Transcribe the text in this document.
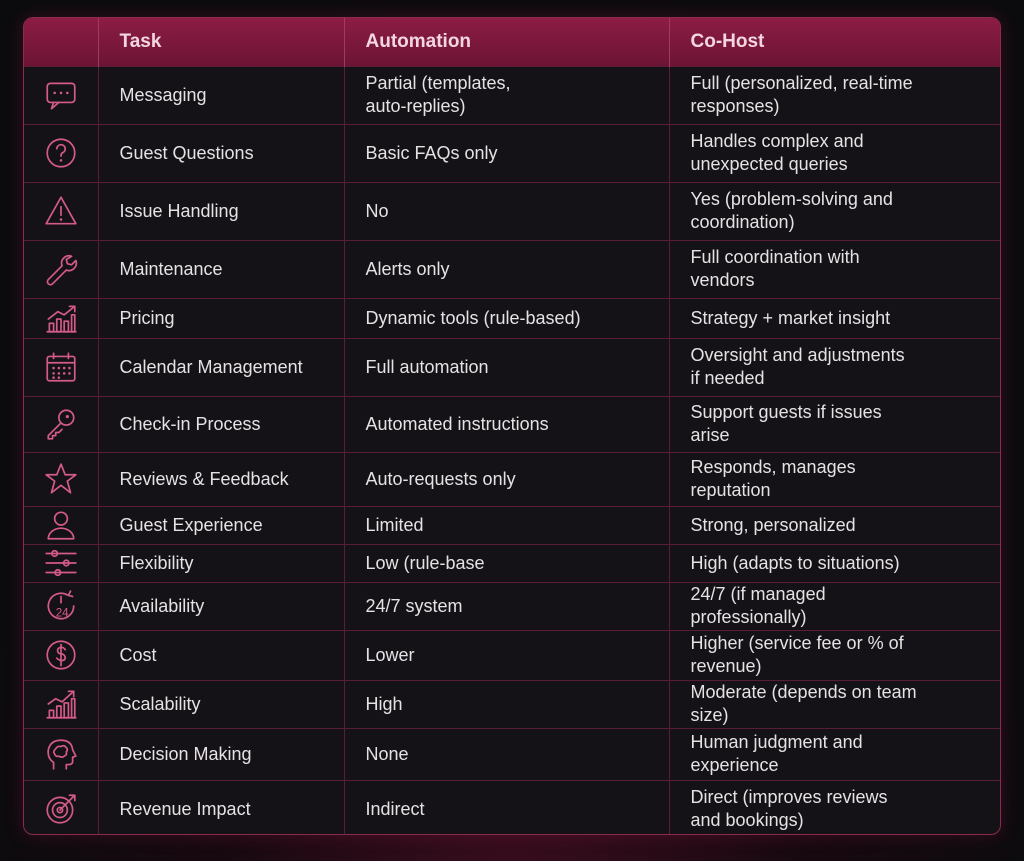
	Task	Automation	Co-Host

	Messaging	Partial (templates,
auto-replies)	Full (personalized, real-time
responses)

	Guest Questions	Basic FAQs only	Handles complex and
unexpected queries

	Issue Handling	No	Yes (problem-solving and
coordination)

	Maintenance	Alerts only	Full coordination with
vendors

	Pricing	Dynamic tools (rule-based)	Strategy + market insight

	Calendar Management	Full automation	Oversight and adjustments
if needed

	Check-in Process	Automated instructions	Support guests if issues
arise

	Reviews & Feedback	Auto-requests only	Responds, manages
reputation

	Guest Experience	Limited	Strong, personalized

	Flexibility	Low (rule-base	High (adapts to situations)

24	Availability	24/7 system	24/7 (if managed
professionally)

	Cost	Lower	Higher (service fee or % of
revenue)

	Scalability	High	Moderate (depends on team
size)

	Decision Making	None	Human judgment and
experience

	Revenue Impact	Indirect	Direct (improves reviews
and bookings)
